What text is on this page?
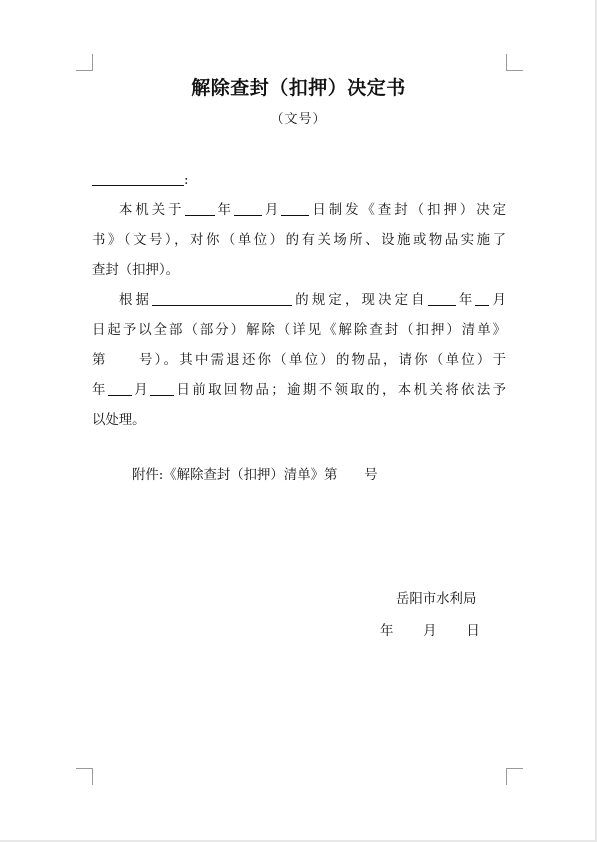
解除查封（扣押）决定书
（文号）
:
本机关于 年 月 日制发《查封（扣押）决定
书》（文号），对你（单位）的有关场所、设施或物品实施了
查封（扣押）。
根据	的规定，现决定自 年 月
日起予以全部（部分）解除（详见《解除查封（扣押）清单》
第　　号）。其中需退还你（单位）的物品，请你（单位）于
年 月 日前取回物品；逾期不领取的，本机关将依法予
以处理。
附件:《解除查封（扣押）清单》第　　号
岳阳市水利局
年　　月　　日
